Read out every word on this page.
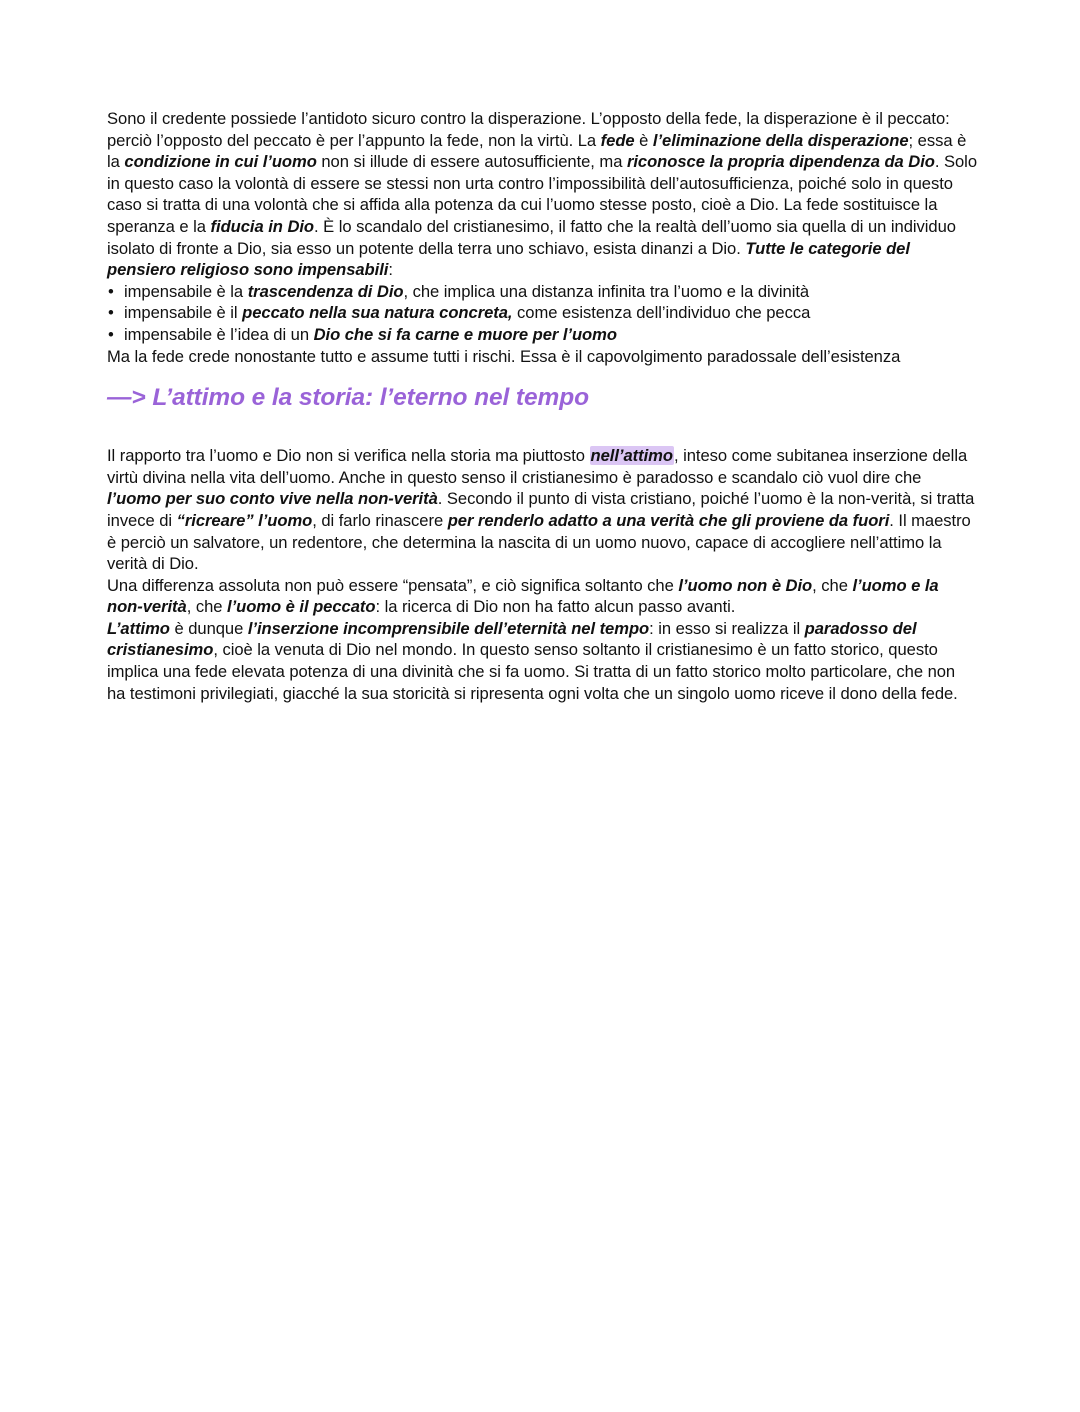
Sono il credente possiede l’antidoto sicuro contro la disperazione. L’opposto della fede, la disperazione è il peccato: perciò l’opposto del peccato è per l’appunto la fede, non la virtù. La fede è l’eliminazione della disperazione; essa è la condizione in cui l’uomo non si illude di essere autosufficiente, ma riconosce la propria dipendenza da Dio. Solo in questo caso la volontà di essere se stessi non urta contro l’impossibilità dell’autosufficienza, poiché solo in questo caso si tratta di una volontà che si affida alla potenza da cui l’uomo stesse posto, cioè a Dio. La fede sostituisce la speranza e la fiducia in Dio. È lo scandalo del cristianesimo, il fatto che la realtà dell’uomo sia quella di un individuo isolato di fronte a Dio, sia esso un potente della terra uno schiavo, esista dinanzi a Dio. Tutte le categorie del pensiero religioso sono impensabili:

• impensabile è la trascendenza di Dio, che implica una distanza infinita tra l’uomo e la divinità
• impensabile è il peccato nella sua natura concreta, come esistenza dell’individuo che pecca
• impensabile è l’idea di un Dio che si fa carne e muore per l’uomo

Ma la fede crede nonostante tutto e assume tutti i rischi. Essa è il capovolgimento paradossale dell’esistenza

—> L’attimo e la storia: l’eterno nel tempo

Il rapporto tra l’uomo e Dio non si verifica nella storia ma piuttosto nell’attimo, inteso come subitanea inserzione della virtù divina nella vita dell’uomo. Anche in questo senso il cristianesimo è paradosso e scandalo ciò vuol dire che l’uomo per suo conto vive nella non-verità. Secondo il punto di vista cristiano, poiché l’uomo è la non-verità, si tratta invece di “ricreare” l’uomo, di farlo rinascere per renderlo adatto a una verità che gli proviene da fuori. Il maestro è perciò un salvatore, un redentore, che determina la nascita di un uomo nuovo, capace di accogliere nell’attimo la verità di Dio.

Una differenza assoluta non può essere “pensata”, e ciò significa soltanto che l’uomo non è Dio, che l’uomo e la non-verità, che l’uomo è il peccato: la ricerca di Dio non ha fatto alcun passo avanti.

L’attimo è dunque l’inserzione incomprensibile dell’eternità nel tempo: in esso si realizza il paradosso del cristianesimo, cioè la venuta di Dio nel mondo. In questo senso soltanto il cristianesimo è un fatto storico, questo implica una fede elevata potenza di una divinità che si fa uomo. Si tratta di un fatto storico molto particolare, che non ha testimoni privilegiati, giacché la sua storicità si ripresenta ogni volta che un singolo uomo riceve il dono della fede.
